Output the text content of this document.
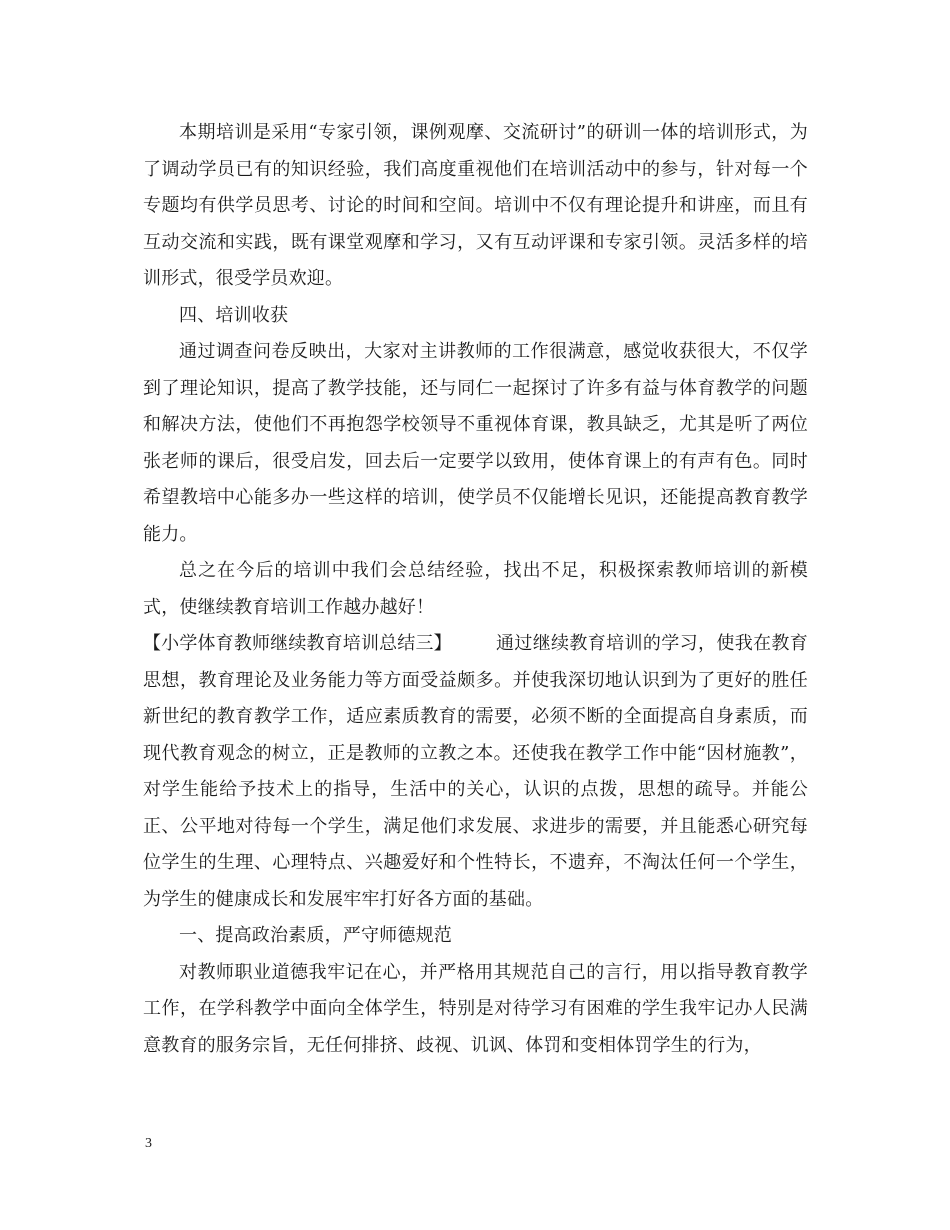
本期培训是采用“专家引领，课例观摩、交流研讨”的研训一体的培训形式，为了调动学员已有的知识经验，我们高度重视他们在培训活动中的参与，针对每一个专题均有供学员思考、讨论的时间和空间。培训中不仅有理论提升和讲座，而且有互动交流和实践，既有课堂观摩和学习，又有互动评课和专家引领。灵活多样的培训形式，很受学员欢迎。

四、培训收获

通过调查问卷反映出，大家对主讲教师的工作很满意，感觉收获很大，不仅学到了理论知识，提高了教学技能，还与同仁一起探讨了许多有益与体育教学的问题和解决方法，使他们不再抱怨学校领导不重视体育课，教具缺乏，尤其是听了两位张老师的课后，很受启发，回去后一定要学以致用，使体育课上的有声有色。同时希望教培中心能多办一些这样的培训，使学员不仅能增长见识，还能提高教育教学能力。

总之在今后的培训中我们会总结经验，找出不足，积极探索教师培训的新模式，使继续教育培训工作越办越好！

【小学体育教师继续教育培训总结三】 通过继续教育培训的学习，使我在教育思想，教育理论及业务能力等方面受益颇多。并使我深切地认识到为了更好的胜任新世纪的教育教学工作，适应素质教育的需要，必须不断的全面提高自身素质，而现代教育观念的树立，正是教师的立教之本。还使我在教学工作中能“因材施教”，对学生能给予技术上的指导，生活中的关心，认识的点拨，思想的疏导。并能公正、公平地对待每一个学生，满足他们求发展、求进步的需要，并且能悉心研究每位学生的生理、心理特点、兴趣爱好和个性特长，不遗弃，不淘汰任何一个学生，为学生的健康成长和发展牢牢打好各方面的基础。

一、提高政治素质，严守师德规范

对教师职业道德我牢记在心，并严格用其规范自己的言行，用以指导教育教学工作，在学科教学中面向全体学生，特别是对待学习有困难的学生我牢记办人民满意教育的服务宗旨，无任何排挤、歧视、讥讽、体罚和变相体罚学生的行为，

3
